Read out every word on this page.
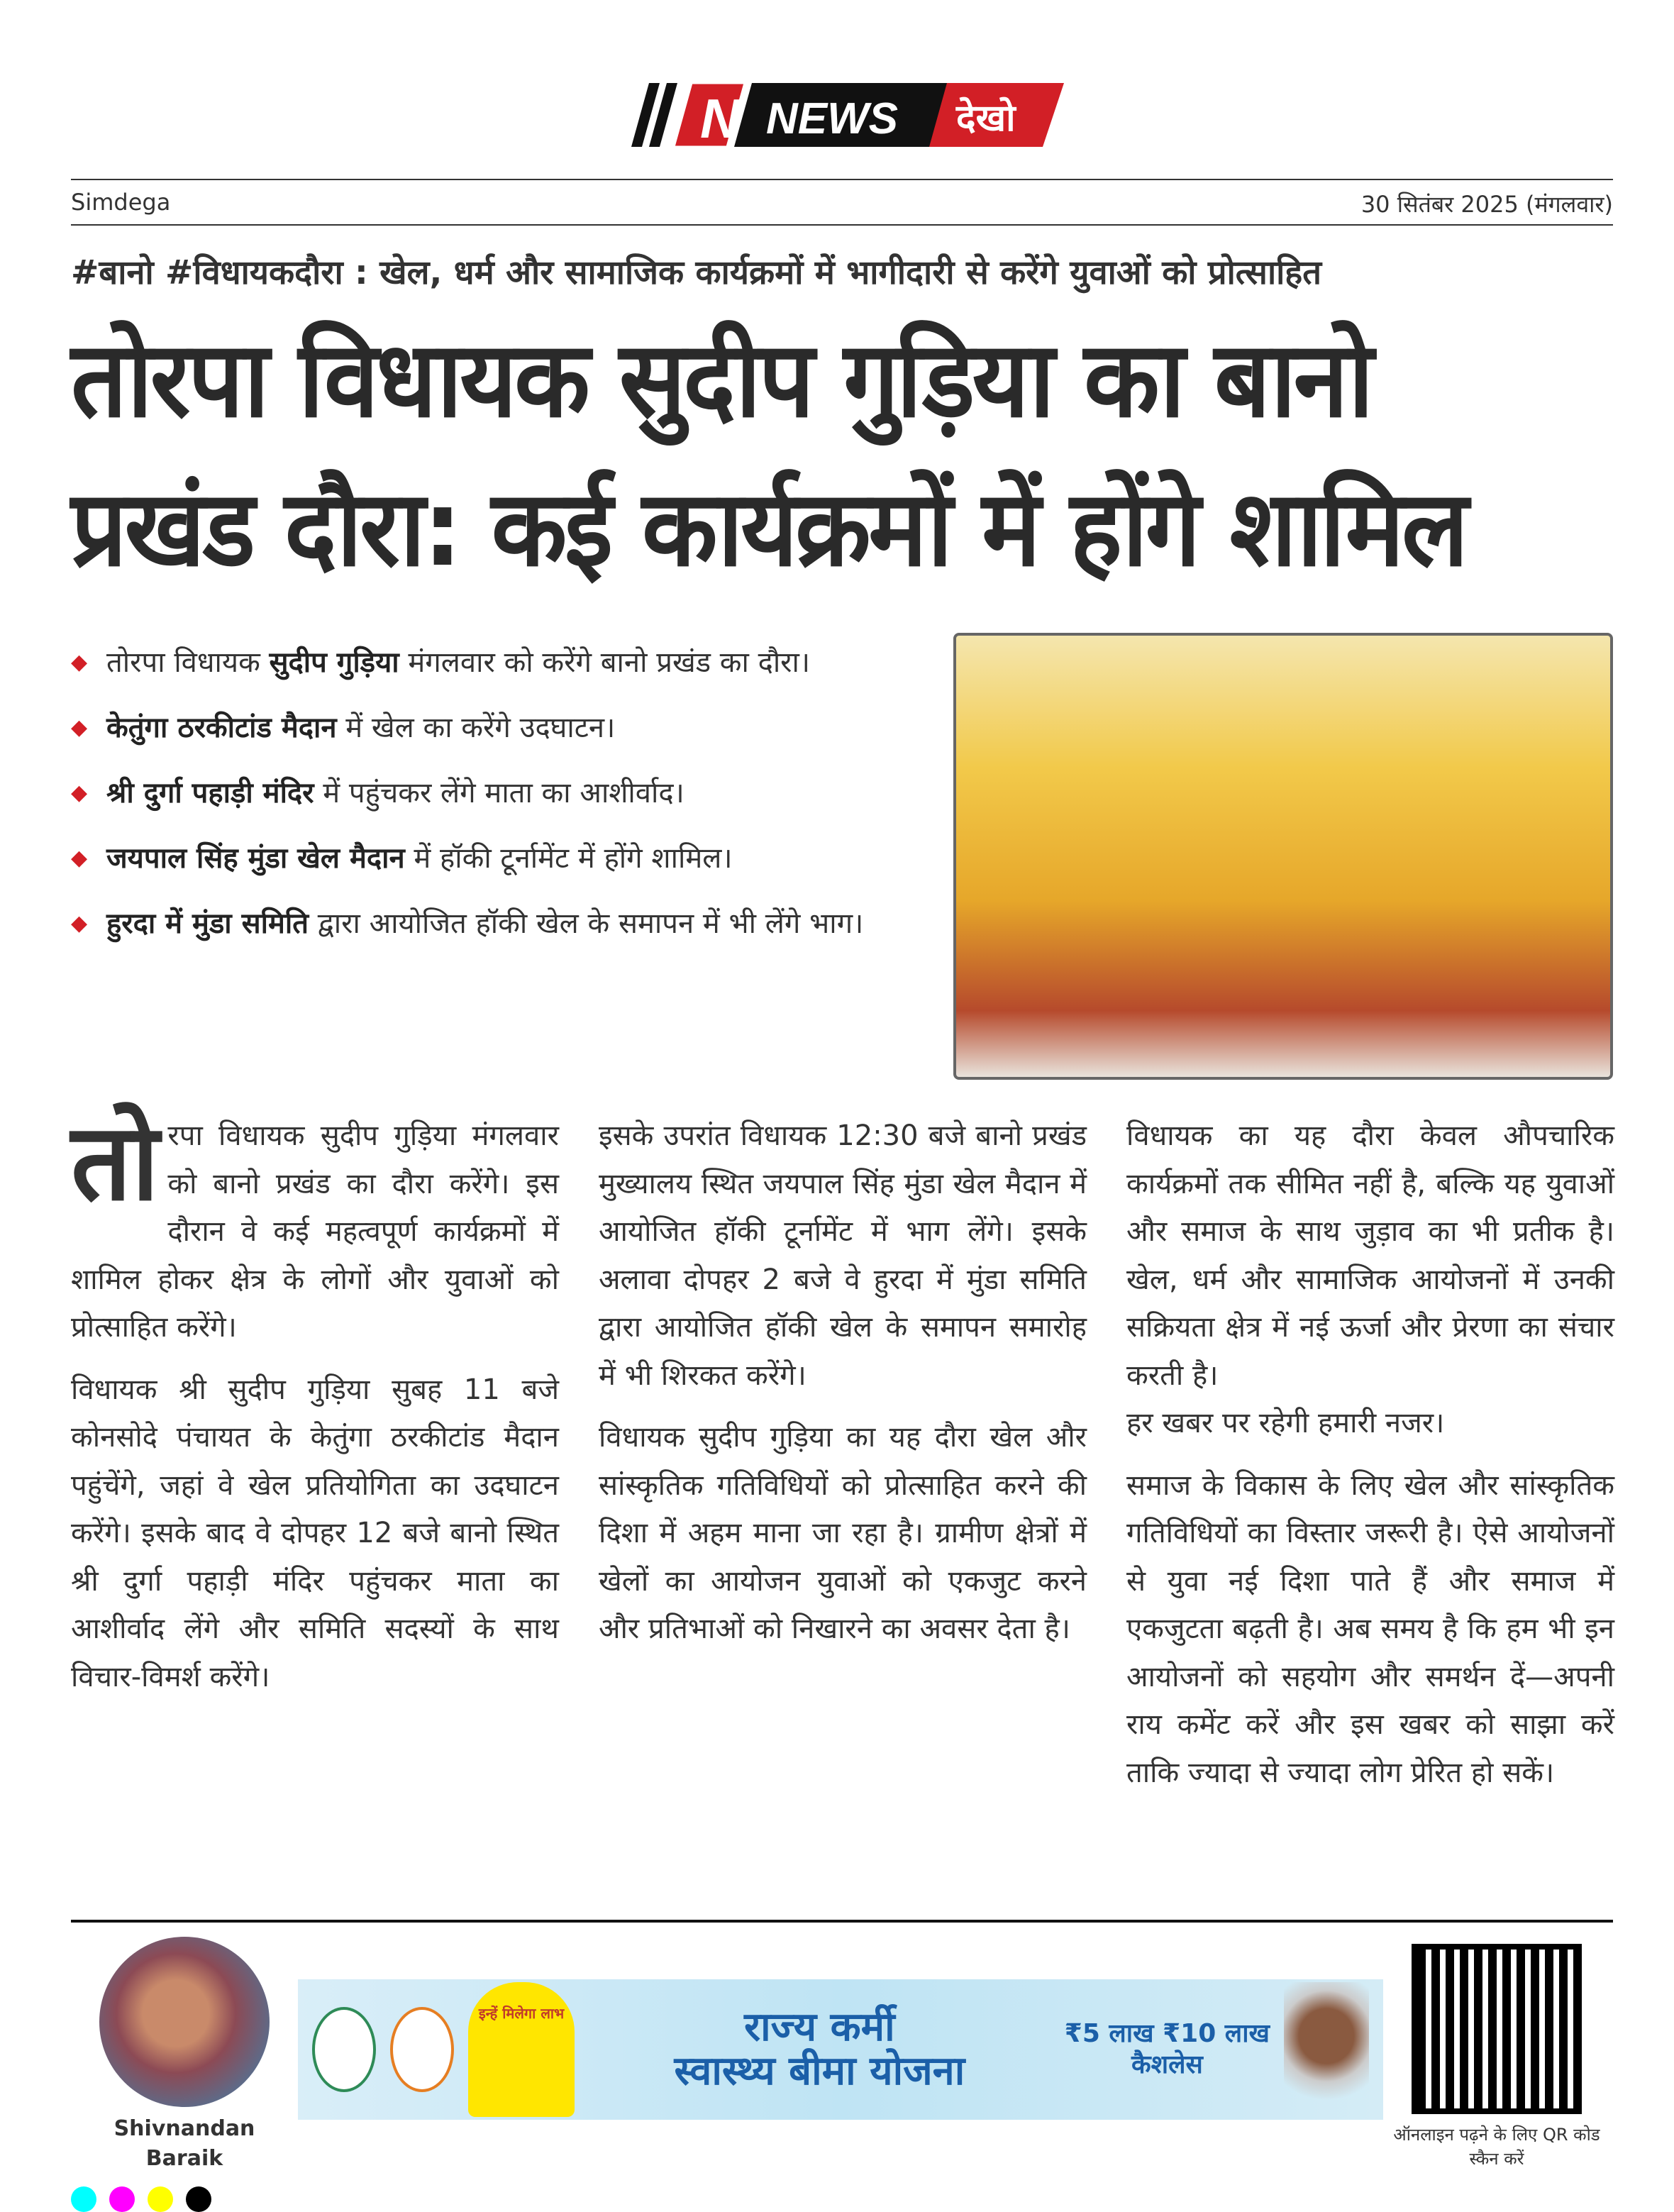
N NEWS देखो
Simdega	30 सितंबर 2025 (मंगलवार)
#बानो #विधायकदौरा : खेल, धर्म और सामाजिक कार्यक्रमों में भागीदारी से करेंगे युवाओं को प्रोत्साहित
तोरपा विधायक सुदीप गुड़िया का बानो प्रखंड दौरा: कई कार्यक्रमों में होंगे शामिल
◆ तोरपा विधायक सुदीप गुड़िया मंगलवार को करेंगे बानो प्रखंड का दौरा।
◆ केतुंगा ठरकीटांड मैदान में खेल का करेंगे उदघाटन।
◆ श्री दुर्गा पहाड़ी मंदिर में पहुंचकर लेंगे माता का आशीर्वाद।
◆ जयपाल सिंह मुंडा खेल मैदान में हॉकी टूर्नामेंट में होंगे शामिल।
◆ हुरदा में मुंडा समिति द्वारा आयोजित हॉकी खेल के समापन में भी लेंगे भाग।

तोरपा विधायक सुदीप गुड़िया मंगलवार को बानो प्रखंड का दौरा करेंगे। इस दौरान वे कई महत्वपूर्ण कार्यक्रमों में शामिल होकर क्षेत्र के लोगों और युवाओं को प्रोत्साहित करेंगे।

विधायक श्री सुदीप गुड़िया सुबह 11 बजे कोनसोदे पंचायत के केतुंगा ठरकीटांड मैदान पहुंचेंगे, जहां वे खेल प्रतियोगिता का उदघाटन करेंगे। इसके बाद वे दोपहर 12 बजे बानो स्थित श्री दुर्गा पहाड़ी मंदिर पहुंचकर माता का आशीर्वाद लेंगे और समिति सदस्यों के साथ विचार-विमर्श करेंगे।

इसके उपरांत विधायक 12:30 बजे बानो प्रखंड मुख्यालय स्थित जयपाल सिंह मुंडा खेल मैदान में आयोजित हॉकी टूर्नामेंट में भाग लेंगे। इसके अलावा दोपहर 2 बजे वे हुरदा में मुंडा समिति द्वारा आयोजित हॉकी खेल के समापन समारोह में भी शिरकत करेंगे।

विधायक सुदीप गुड़िया का यह दौरा खेल और सांस्कृतिक गतिविधियों को प्रोत्साहित करने की दिशा में अहम माना जा रहा है। ग्रामीण क्षेत्रों में खेलों का आयोजन युवाओं को एकजुट करने और प्रतिभाओं को निखारने का अवसर देता है।

विधायक का यह दौरा केवल औपचारिक कार्यक्रमों तक सीमित नहीं है, बल्कि यह युवाओं और समाज के साथ जुड़ाव का भी प्रतीक है। खेल, धर्म और सामाजिक आयोजनों में उनकी सक्रियता क्षेत्र में नई ऊर्जा और प्रेरणा का संचार करती है।

हर खबर पर रहेगी हमारी नजर।

समाज के विकास के लिए खेल और सांस्कृतिक गतिविधियों का विस्तार जरूरी है। ऐसे आयोजनों से युवा नई दिशा पाते हैं और समाज में एकजुटता बढ़ती है। अब समय है कि हम भी इन आयोजनों को सहयोग और समर्थन दें—अपनी राय कमेंट करें और इस खबर को साझा करें ताकि ज्यादा से ज्यादा लोग प्रेरित हो सकें।

Shivnandan Baraik
इन्हें मिलेगा लाभ	राज्य कर्मी
स्वास्थ्य बीमा योजना
₹5 लाख ₹10 लाख
कैशलेस
ऑनलाइन पढ़ने के लिए QR कोड स्कैन करें
